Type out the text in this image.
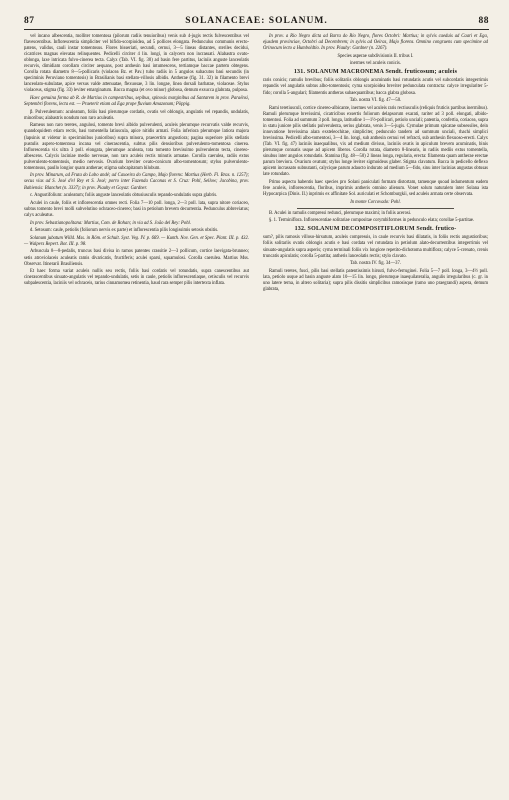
87	SOLANACEAE: SOLANUM.	88

vel incano albescentia, molliter tomentosa (pilorum radiis tenuioribus) venis sub 4-jugis rectis fulvescentibus vel flavescentibus. Inflorescentia simpliciter vel bifido-scorpioidea, ad 5 pollices elongata. Pedunculus communis erecto-patens, validus, cauli instar tomentosus. Flores bisseriati, secundi, cernui, 3—5 lineas distantes, steriles decidui, cicatrices magnas elevatas relinquentes. Pedicelli circiter 4 lin. longi, in calycem non incrassati. Alabastra ovato-oblonga, laxe intricata fulvo-cinerea tecta. Calyx (Tab. VI. fig. 30) ad basin fere partitus, laciniis anguste lanceolatis recurvis, dimidiam corollam circiter aequans, post anthesin basi intumescens, tertiamque baccae partem obtegens. Corolla rotata diametro 8—5-pollicaris (violacea Bz. et Pav.) tubo radiis in 5 angulos subacutos basi secundis (in speciminis Peruviano tomentosis) in Brasilianis basi stellato-villosis albidis. Antherae (fig. 31. 32) in filamento brevi lanceolato-subulatae, apice versus valde attenuatae, flexuosae, 3 lin. longae, linea dorsali barbatae, violaceae. Stylus violaceus, stigma (fig. 33) leviter emarginatum. Bacca magna (et ovo minor) globosa, demum exsucca glabrata, pulposa.

Haec genuina forma ab R. de Martius in campestribus, sepibus, spinosis marginibus ad Santarem in prov. Paraënsi, Septembri florens, lecta est. — Praeterit etiam ad Ega prope fluvium Amazonum; Pöppig.

β. Pulverulentum: aculeatum, foliis basi plerumque cordatis, ovatis vel oblongis, angulatis vel repandis, undulatis, minoribus; alabastris nondum non raro aculeatis.

Rameus non raro teretes, angulosi, tomento brevi albido pulverulenti, aculeis plerumque recurvatis valde recurvis, quandoquidem etiam rectis, basi tomentella latiuscula, apice nitidis armati. Folia inferiora plerumque latiora majora (lapsinis ut videtur in speciminibus junioribus) supra minora, praecertim angustiora; pagina superiore pilis stellatis pustulis aspero-tomentosa incana vel cinerascentia, subtus pilis densioribus pulverulento-tomentosa cinerea. Inflorescentia vix ultra 3 poll. elongata, plerumque aculeata, tota tomento brevissimo pulverulento tecta, cinereo-albescens. Calycis laciniae medio nervosae, non raro aculeis rectis minutis armatae. Corolla caerulea, radiis extus pulverulento-tomentosis, medio nervosis. Ovarium breviter ovato-conicum albo-tomentosum; stylus pulverulento-tomentosus, paullo longior quam antherae; stigma subcapitatum bilobum.

In prov. Minarum, ad Fruta do Lobo andé; ad Caxoeira do Campo, Majo florens: Martius (Herb. Fl. Bras. n. 1257); secus vias ad S. José d'el Rey et S. José; porro inter Fazenda Caconas et S. Cruz: Pohl, Sellow; Jacobina, prov. Bahiensis: Blanchet (n. 3337); in prov. Piauhy et Goyaz: Gardner.

c. Angustifolium: aculeatum; foliis anguste lanceolatis obtusiusculis repando-undulatis supra glabris.

Aculei in caule, foliis et inflorescentia omnes recti. Folia 7—10 poll. longa, 2—3 poll. lata, supra nitore coriaceo, subtus tomento brevi molli subvelutino ochraceo-cinereo; basi in petiolum brevem decurrentia. Pedunculus abbreviatus; calyx aculeatus.

In prov. Sebastianopolitana: Martius, Com. de Rohan; in via ad S. João del Rey: Pohl.

d. Setosum: caule, petiolis (foliorum nervis ex parte) et inflorescentia pilis longissimis setosis obsitis.

Solanum jubatum Willd. Mss. in Röm. et Schult. Syst. Veg. IV. p. 669. — Kunth. Nov. Gen. et Spec. Plant. III. p. 432. — Walpers Repert. Bot. III. p. 98.

Arbuscula 8—8-pedalis, truncus basi divisa in ramos patentes crassitie 2—3 pollicum, cortice laevigata-brunneo; setis atroviolaceis aculeatis ramis divaricatis, fructiferis; aculei sparsi, squamulosi. Corolla caerulea. Martius Mss. Observat. Itinerarii Brasiliensis.

Et haec forma variat aculeis nullis seu rectis, foliis basi cordatis vel rotundatis, supra canescentibus aut cinerascentibus sinuato-angulatis vel repando-undulatis, setis in caule, petiolis inflorescentiaque, cetisculis vel recurvis subpalescentia, laciniis vel ochraceis, rarius cinnamomea retinentia, haud rara semper pilis intertexta inflata.

In prov. a Rio Negro dicta ad Barra do Rio Negro, flores Octobri: Martius; in sylvis caeduis ad Caari et Ega, ejusdem provinciae, Octobri ad Decembrem; in sylvis ad Oeiras, Majo florens. Omnino congruens cum specimine ad Orinocum lecto a Humboldtio. In prov. Piauhy: Gardner (n. 2267).

Species asperae subdivisionis II. tribus I.

inermes vel aculeis conicis.

131. SOLANUM MACRONEMA Sendt. fruticosum; aculeis

raris conicis; ramulis brevibus; foliis solitariis oblongis acuminatis basi rotundatis acutis vel subcordatis integerrimis repandis vel angulatis subtus albo-tomentosis; cyma scorpioidea breviter pedunculata contracta: calyce irregulariter 5-fido; corolla 5-angulari; filamentis antheras subaequantibus; bacca glabra globosa.

Tab. nostra VI. fig. 47—50.

Rami teretiusculi, cortice cinereo-albicante, inermes vel aculeis raris rectiusculis (reliquis fruticis partibus inermibus). Ramuli plerumque brevissimi, cicatricibus exsertis foliorum delapsorum exarati, rariter ad 3 poll. elongati, albido-tomentosi. Folia ad summum 3 poll. longa, latitudine 1—1½-pollicari, petiolo unciali; patentia, confertia, coriacea, supra in statu juniore pilis stellatis pulverulenta, serius glabrata, venis 3—5-jugis. Cymulae primum spicatae subsessiles, dein innovatione brevissima alara exsteleochitae, simpliciter, pedunculo tandem ad summum unciali, rhachi simplici brevissima. Pedicelli albo-tomentosi, 3—4 lin. longi, sub anthesin cernui vel refracti, sub anthesin flexuoso-erecti. Calyx (Tab. VI. fig. 47) laciniis inaequalibus, vix ad medium divisus, laciniis ovatis in apiculum brevem acuminatis, binis plerumque connatis usque ad apicem liberos. Corolla rotata, diametro 8-linearis, in radiis mediis extus tomentella, sinubus inter angulos rotundatis. Stamina (fig. 48—50) 2 lineas longa, regularia, erecta: filamenta quam antherae erectae parum breviora. Ovarium ovatum; stylus longe leviter sigmoideus glaber. Stigma clavatum. Bacca in pedicello deflexo apicem incrassato subnutanti, calycique parum adaucto indurato ad medium 5—fido, sinu inter lacinias angustas obtusas late rotundato.

Primo aspectu habentis haec species pro Solani paniculati formam distortam, tamenque quoad indumentum eadem fere aculeis, inflorescentia, floribus, imprimis antheris omnino alienum. Vonet solum naturalem inter Solana ista Hypocarpica (Dinis. II.) inprimis ex affinitate Sol. auriculati et Schomburgkii, sed aculeis armata certe observata.

In monte Corcovado: Pohl.

B. Aculei in ramulis compressi redunci, plerumque maximi; in foliis acerosi.

§. 1. Terminiflora. Inflorescentiae solitariae compositae corymbiformes in pedunculo elata; corollae 5-partitae.

132. SOLANUM DECOMPOSITIFLORUM Sendt. frutico-

sum?, pilis ramosis villoso-hirsutum, aculeis compressis, in caule recurvis basi dilatatis, in foliis rectis angustioribus; foliis solitariis ovatis oblongis acutis e basi cordata vel rotundata in petiolum alato-decurrentibus integerrimis vel sinuato-angulatis supra asperis; cyma terminali foliis vix longiore repetito-dichotoma multiflora; calyce 5-crenato, crenis truncatis apiculatis; corolla 5-partita; antheris lanceolatis rectis; stylo clavato.

Tab. nostra IV. fig. 34—37.

Ramuli teretes, fusci, pilis basi stellatis patentissimis hirsuti, fulvo-ferruginei. Folia 5—7 poll. longa, 3—4½ poll. lata, petiolo usque ad basin anguste alato 10—15 lin. longo, plerumque inaequilateralia, angulis irregularibus (c. gr. in uno latere terna, in altero solitaria); supra pilis dissitis simplicibus ramosisque (ramo uno praegrandi) aspera, demum glabrata,
